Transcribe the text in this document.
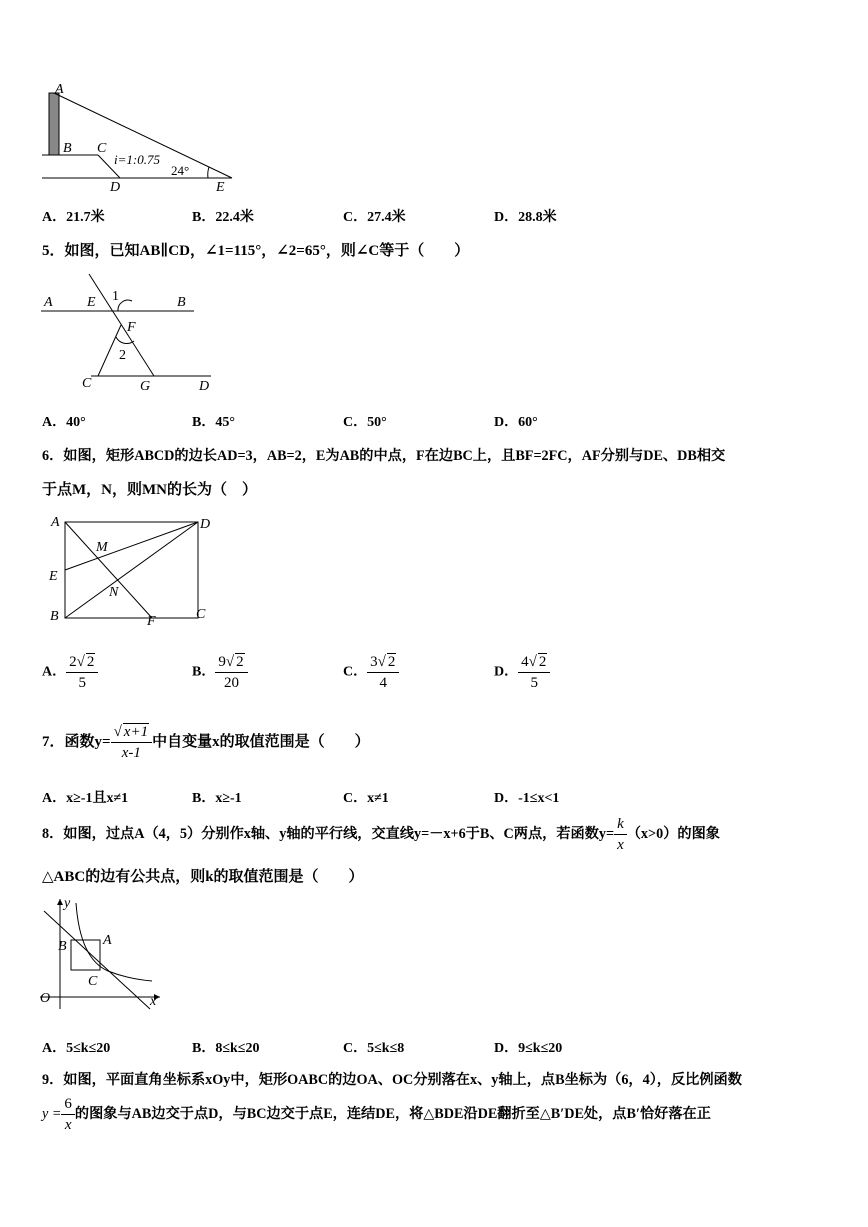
A
B C
D	E
i=1:0.75
24°
A．21.7米	B．22.4米	C．27.4米	D．28.8米
5．如图，已知AB∥CD，∠1=115°，∠2=65°，则∠C等于（　　）
A E 1	B
F
2
C	G	D
A．40°	B．45°	C．50°	D．60°
6．如图，矩形ABCD的边长AD=3，AB=2，E为AB的中点，F在边BC上，且BF=2FC，AF分别与DE、DB相交
于点M，N，则MN的长为（　）
A	D
M
E
N
B	F	C
A． $\frac{2√ 2}{5}$	B． $\frac{9√ 2}{20}$	C． $\frac{3√ 2}{4}$	D． $\frac{4√ 2}{5}$
7．函数$y= \frac{√ x+1}{x-1}$ 中自变量x的取值范围是（　　）
A．x≥-1且x≠1	B．x≥-1	C．x≠1	D．-1≤x<1
8．如图，过点A（4，5）分别作x轴、y轴的平行线，交直线y=－x+6于B、C两点，若函数$y= \frac{k}{x} (x>0)$的图象
△ABC的边有公共点，则k的取值范围是（　　）
y
B	A
C
O	x
A．5≤k≤20	B．8≤k≤20	C．5≤k≤8	D．9≤k≤20
9．如图，平面直角坐标系xOy中，矩形OABC的边OA、OC分别落在x、y轴上，点B坐标为（6，4），反比例函数
$y = \frac{6}{x}$ 的图象与AB边交于点D，与BC边交于点E，连结DE，将△BDE沿DE翻折至△B′DE处，点B′恰好落在正
